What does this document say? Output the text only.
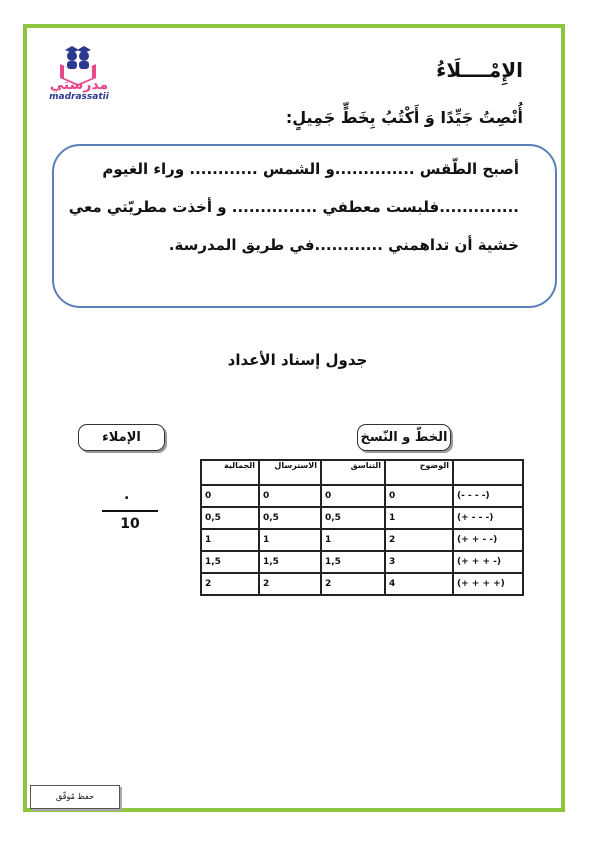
مدرستي
madrassatii
الإِمْــــلَاءُ
أُنْصِتُ جَيِّدًا وَ أَكْتُبُ بِخَطٍّ جَمِيلٍ:
أصبح الطّقس ..............و الشمس ............ وراء الغيوم
..............فلبست معطفي ............... و أخذت مطريّتي معي
خشية أن تداهمني ............في طريق المدرسة.
جدول إسناد الأعداد
الإملاء	الخطّ و النّسخ
.
10
الجمالية	الاسترسال	التناسق	الوضوح	
0	0	0	0	(- - - -)
0,5	0,5	0,5	1	(+ - - -)
1	1	1	2	(+ + - -)
1,5	1,5	1,5	3	(+ + + -)
2	2	2	4	(+ + + +)
حفظ مُوقّق
